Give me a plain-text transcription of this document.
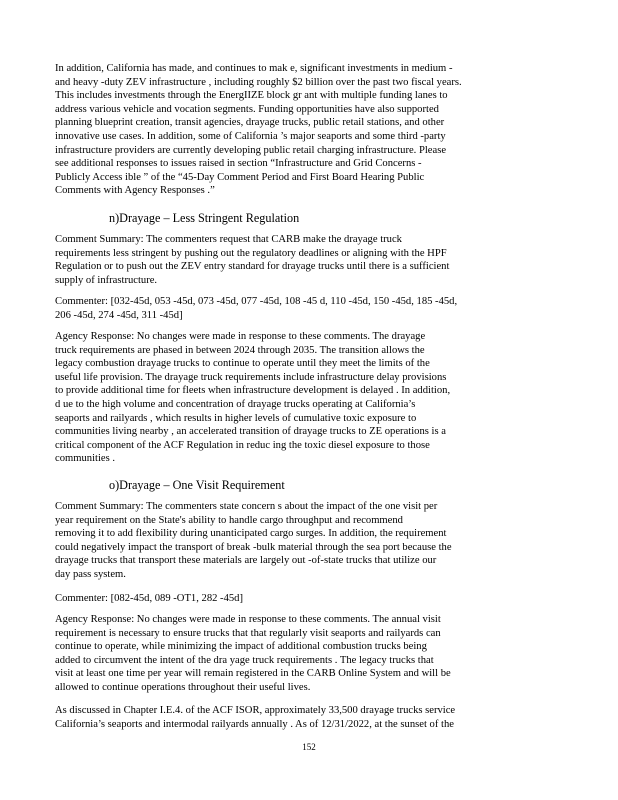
In addition, California has made, and continues to mak e, significant investments in medium -
and heavy -duty ZEV infrastructure , including roughly $2 billion over the past two fiscal years.
This includes investments through the EnergIIZE block gr ant with multiple funding lanes to
address various vehicle and vocation segments. Funding opportunities have also supported
planning blueprint creation, transit agencies, drayage trucks, public retail stations, and other
innovative use cases. In addition, some of California ’s major seaports and some third -party
infrastructure providers are currently developing public retail charging infrastructure. Please
see additional responses to issues raised in section “Infrastructure and Grid Concerns -
Publicly Access ible ” of the “45-Day Comment Period and First Board Hearing Public
Comments with Agency Responses .”
n)Drayage – Less Stringent Regulation
Comment Summary: The commenters request that CARB make the drayage truck
requirements less stringent by pushing out the regulatory deadlines or aligning with the HPF
Regulation or to push out the ZEV entry standard for drayage trucks until there is a sufficient
supply of infrastructure.
Commenter: [032-45d, 053 -45d, 073 -45d, 077 -45d, 108 -45 d, 110 -45d, 150 -45d, 185 -45d,
206 -45d, 274 -45d, 311 -45d]
Agency Response: No changes were made in response to these comments. The drayage
truck requirements are phased in between 2024 through 2035. The transition allows the
legacy combustion drayage trucks to continue to operate until they meet the limits of the
useful life provision. The drayage truck requirements include infrastructure delay provisions
to provide additional time for fleets when infrastructure development is delayed . In addition,
d ue to the high volume and concentration of drayage trucks operating at California’s
seaports and railyards , which results in higher levels of cumulative toxic exposure to
communities living nearby , an accelerated transition of drayage trucks to ZE operations is a
critical component of the ACF Regulation in reduc ing the toxic diesel exposure to those
communities .
o)Drayage – One Visit Requirement
Comment Summary: The commenters state concern s about the impact of the one visit per
year requirement on the State's ability to handle cargo throughput and recommend
removing it to add flexibility during unanticipated cargo surges. In addition, the requirement
could negatively impact the transport of break -bulk material through the sea port because the
drayage trucks that transport these materials are largely out -of-state trucks that utilize our
day pass system.
Commenter: [082-45d, 089 -OT1, 282 -45d]
Agency Response: No changes were made in response to these comments. The annual visit
requirement is necessary to ensure trucks that that regularly visit seaports and railyards can
continue to operate, while minimizing the impact of additional combustion trucks being
added to circumvent the intent of the dra yage truck requirements . The legacy trucks that
visit at least one time per year will remain registered in the CARB Online System and will be
allowed to continue operations throughout their useful lives.
As discussed in Chapter I.E.4. of the ACF ISOR, approximately 33,500 drayage trucks service
California’s seaports and intermodal railyards annually . As of 12/31/2022, at the sunset of the
152
